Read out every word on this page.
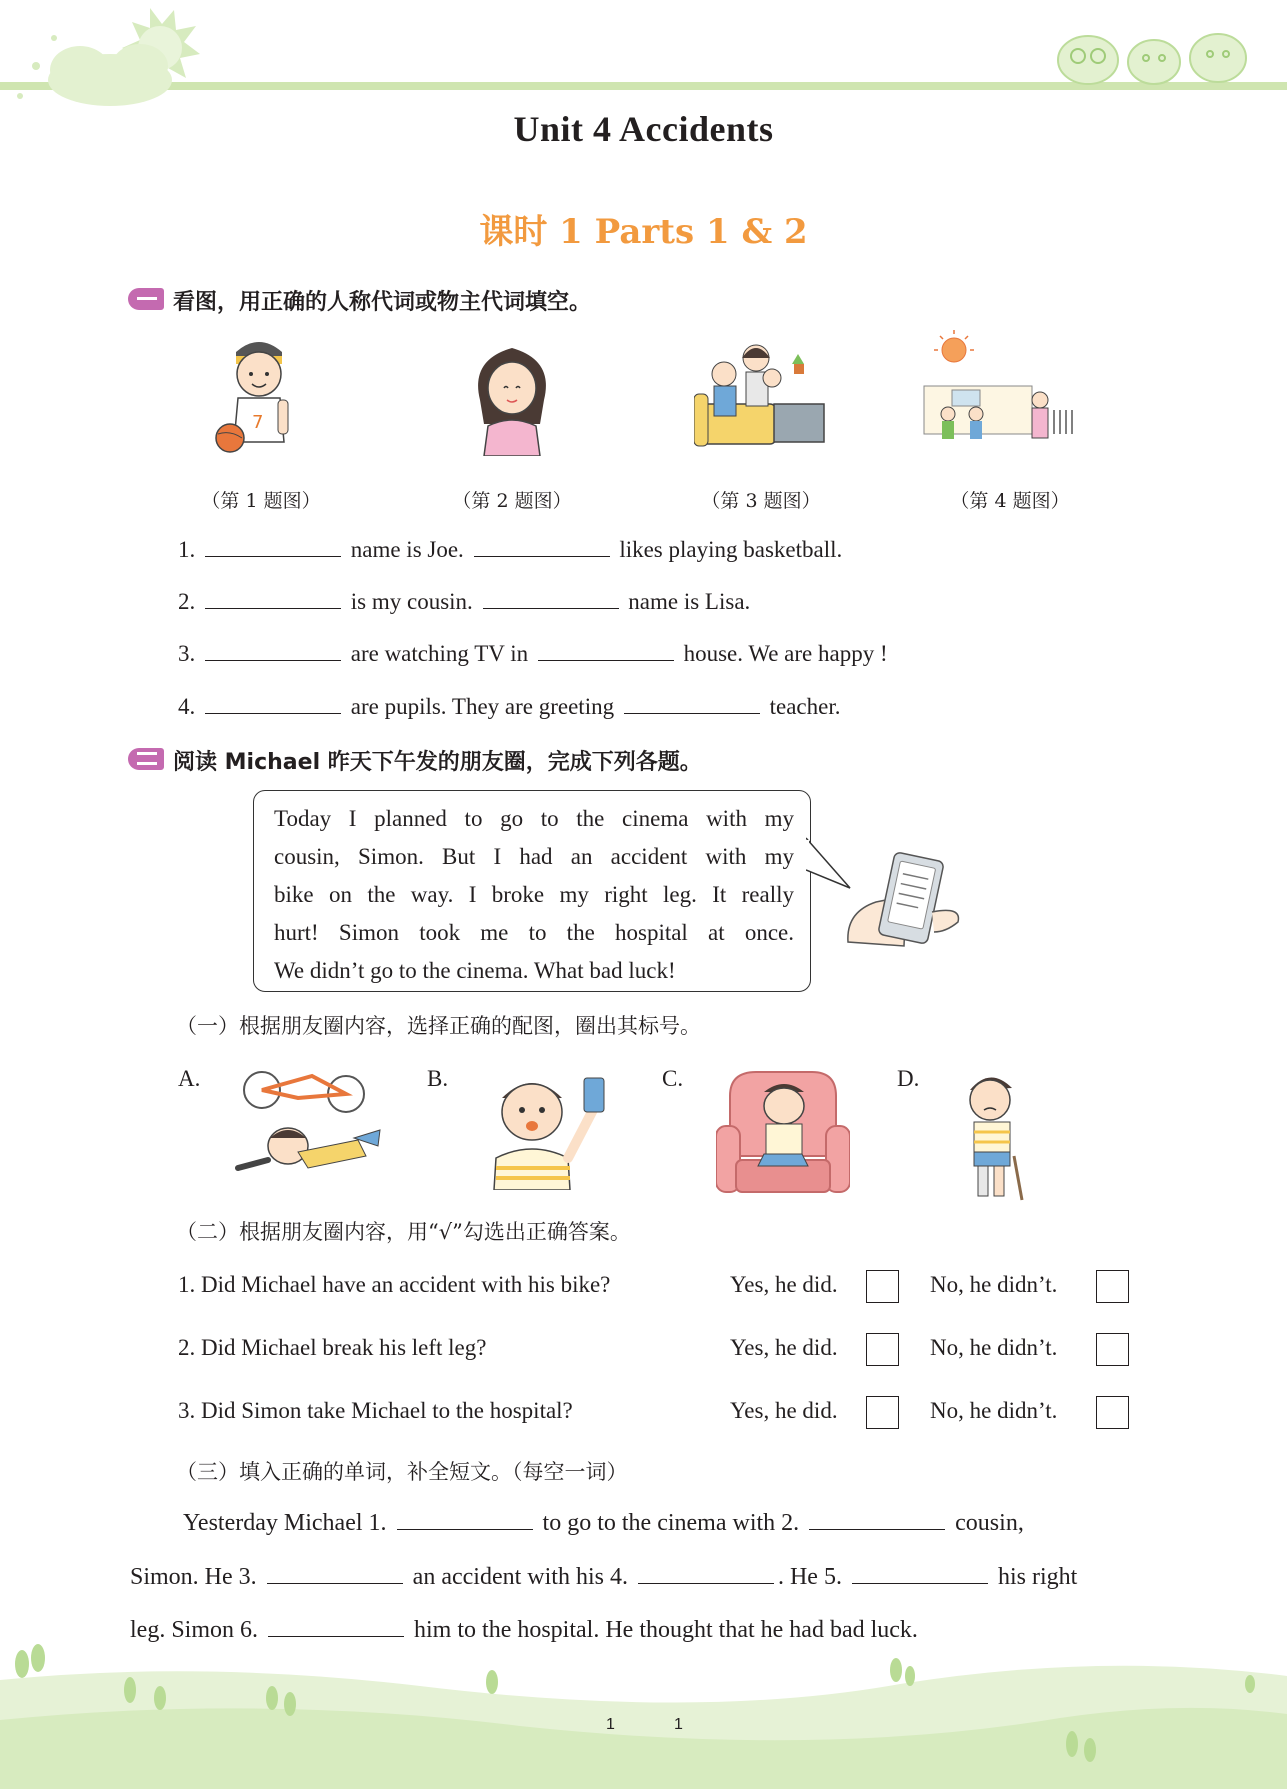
Unit 4 Accidents
课时 1 Parts 1 & 2
看图，用正确的人称代词或物主代词填空。
7
（第 1 题图）	（第 2 题图）	（第 3 题图）	（第 4 题图）
1.	name is Joe.	likes playing basketball.
2.	is my cousin.	name is Lisa.
3.	are watching TV in	house. We are happy !
4.	are pupils. They are greeting	teacher.
阅读 Michael 昨天下午发的朋友圈，完成下列各题。
Today I planned to go to the cinema with my
cousin, Simon. But I had an accident with my
bike on the way. I broke my right leg. It really
hurt! Simon took me to the hospital at once.
We didn’t go to the cinema. What bad luck!
（一）根据朋友圈内容，选择正确的配图，圈出其标号。
A.	B.	C.	D.
（二）根据朋友圈内容，用“√”勾选出正确答案。
1. Did Michael have an accident with his bike?	Yes, he did.	No, he didn’t.
2. Did Michael break his left leg?	Yes, he did.	No, he didn’t.
3. Did Simon take Michael to the hospital?	Yes, he did.	No, he didn’t.
（三）填入正确的单词，补全短文。（每空一词）
Yesterday Michael 1.	to go to the cinema with 2.	cousin,
Simon. He 3.	an accident with his 4.	. He 5.	his right
leg. Simon 6.	him to the hospital. He thought that he had bad luck.
1	1
